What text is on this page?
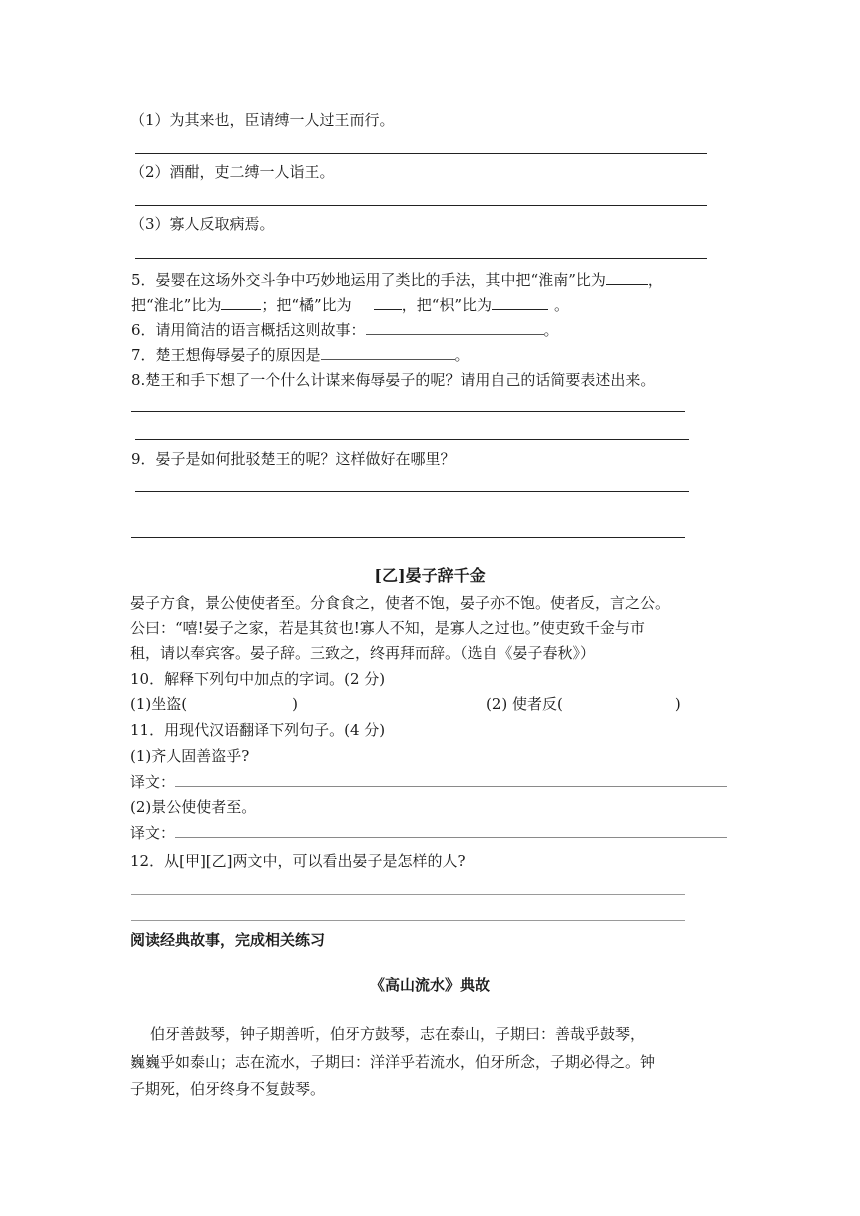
（1）为其来也，臣请缚一人过王而行。
（2）酒酣，吏二缚一人诣王。
（3）寡人反取病焉。
5．晏婴在这场外交斗争中巧妙地运用了类比的手法，其中把“淮南”比为	，
把“淮北”比为	；把“橘”比为	，把“枳”比为	。
6．请用简洁的语言概括这则故事：	。
7．楚王想侮辱晏子的原因是	。
8.楚王和手下想了一个什么计谋来侮辱晏子的呢？请用自己的话简要表述出来。
9．晏子是如何批驳楚王的呢？这样做好在哪里？
[乙]晏子辞千金
晏子方食，景公使使者至。分食食之，使者不饱，晏子亦不饱。使者反，言之公。
公曰：“嘻!晏子之家，若是其贫也!寡人不知，是寡人之过也。”使吏致千金与市
租，请以奉宾客。晏子辞。三致之，终再拜而辞。（选自《晏子春秋》）
10．解释下列句中加点的字词。(2 分)
(1)坐盗(	)	(2) 使者反(	)
11．用现代汉语翻译下列句子。(4 分)
(1)齐人固善盗乎?
译文：
(2)景公使使者至。
译文：
12．从[甲][乙]两文中，可以看出晏子是怎样的人?
阅读经典故事，完成相关练习
《高山流水》典故
伯牙善鼓琴，钟子期善听，伯牙方鼓琴，志在泰山，子期曰：善哉乎鼓琴，
巍巍乎如泰山；志在流水，子期曰：洋洋乎若流水，伯牙所念，子期必得之。钟
子期死，伯牙终身不复鼓琴。
